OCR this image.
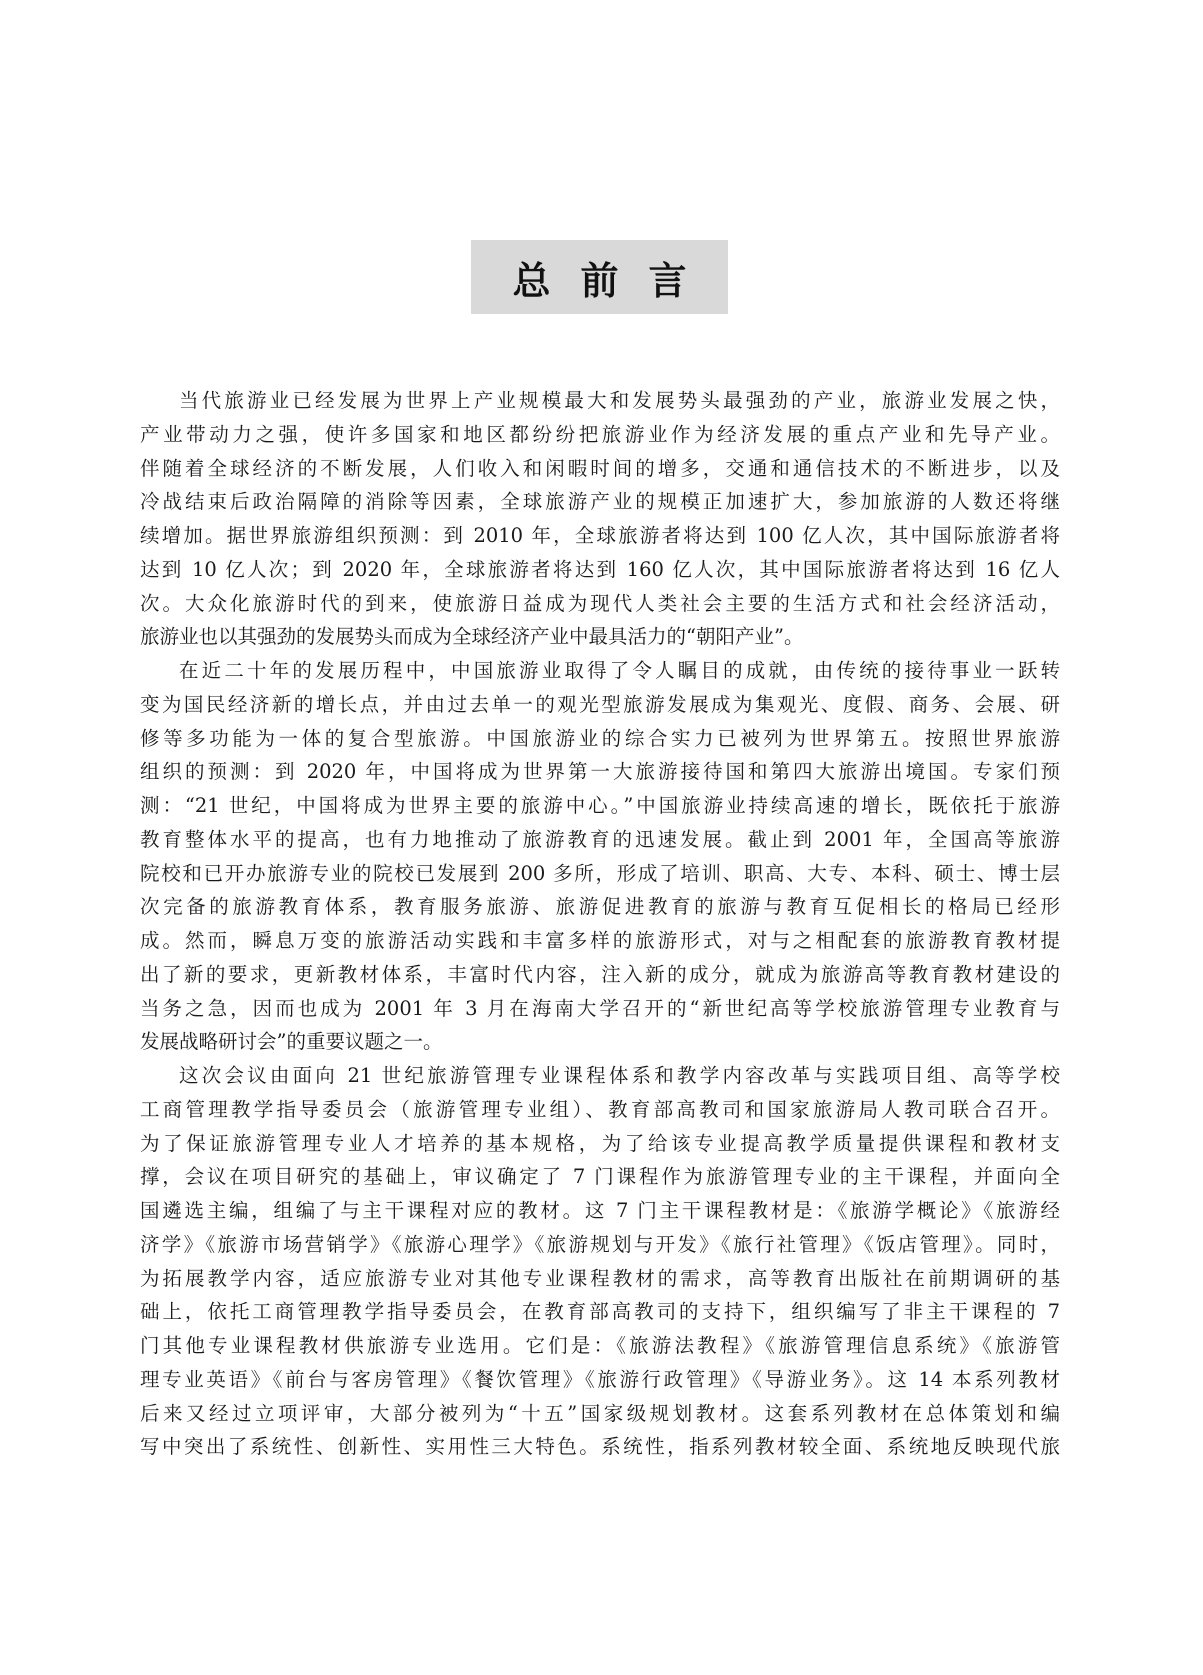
总前言
当代旅游业已经发展为世界上产业规模最大和发展势头最强劲的产业，旅游业发展之快，
产业带动力之强，使许多国家和地区都纷纷把旅游业作为经济发展的重点产业和先导产业。
伴随着全球经济的不断发展，人们收入和闲暇时间的增多，交通和通信技术的不断进步，以及
冷战结束后政治隔障的消除等因素，全球旅游产业的规模正加速扩大，参加旅游的人数还将继
续增加。据世界旅游组织预测：到 2010 年，全球旅游者将达到 100 亿人次，其中国际旅游者将
达到 10 亿人次；到 2020 年，全球旅游者将达到 160 亿人次，其中国际旅游者将达到 16 亿人
次。大众化旅游时代的到来，使旅游日益成为现代人类社会主要的生活方式和社会经济活动，
旅游业也以其强劲的发展势头而成为全球经济产业中最具活力的“朝阳产业”。
在近二十年的发展历程中，中国旅游业取得了令人瞩目的成就，由传统的接待事业一跃转
变为国民经济新的增长点，并由过去单一的观光型旅游发展成为集观光、度假、商务、会展、研
修等多功能为一体的复合型旅游。中国旅游业的综合实力已被列为世界第五。按照世界旅游
组织的预测：到 2020 年，中国将成为世界第一大旅游接待国和第四大旅游出境国。专家们预
测：“21 世纪，中国将成为世界主要的旅游中心。”中国旅游业持续高速的增长，既依托于旅游
教育整体水平的提高，也有力地推动了旅游教育的迅速发展。截止到 2001 年，全国高等旅游
院校和已开办旅游专业的院校已发展到 200 多所，形成了培训、职高、大专、本科、硕士、博士层
次完备的旅游教育体系，教育服务旅游、旅游促进教育的旅游与教育互促相长的格局已经形
成。然而，瞬息万变的旅游活动实践和丰富多样的旅游形式，对与之相配套的旅游教育教材提
出了新的要求，更新教材体系，丰富时代内容，注入新的成分，就成为旅游高等教育教材建设的
当务之急，因而也成为 2001 年 3 月在海南大学召开的“新世纪高等学校旅游管理专业教育与
发展战略研讨会”的重要议题之一。
这次会议由面向 21 世纪旅游管理专业课程体系和教学内容改革与实践项目组、高等学校
工商管理教学指导委员会（旅游管理专业组）、教育部高教司和国家旅游局人教司联合召开。
为了保证旅游管理专业人才培养的基本规格，为了给该专业提高教学质量提供课程和教材支
撑，会议在项目研究的基础上，审议确定了 7 门课程作为旅游管理专业的主干课程，并面向全
国遴选主编，组编了与主干课程对应的教材。这 7 门主干课程教材是：《旅游学概论》《旅游经
济学》《旅游市场营销学》《旅游心理学》《旅游规划与开发》《旅行社管理》《饭店管理》。同时，
为拓展教学内容，适应旅游专业对其他专业课程教材的需求，高等教育出版社在前期调研的基
础上，依托工商管理教学指导委员会，在教育部高教司的支持下，组织编写了非主干课程的 7
门其他专业课程教材供旅游专业选用。它们是：《旅游法教程》《旅游管理信息系统》《旅游管
理专业英语》《前台与客房管理》《餐饮管理》《旅游行政管理》《导游业务》。这 14 本系列教材
后来又经过立项评审，大部分被列为“十五”国家级规划教材。这套系列教材在总体策划和编
写中突出了系统性、创新性、实用性三大特色。系统性，指系列教材较全面、系统地反映现代旅
